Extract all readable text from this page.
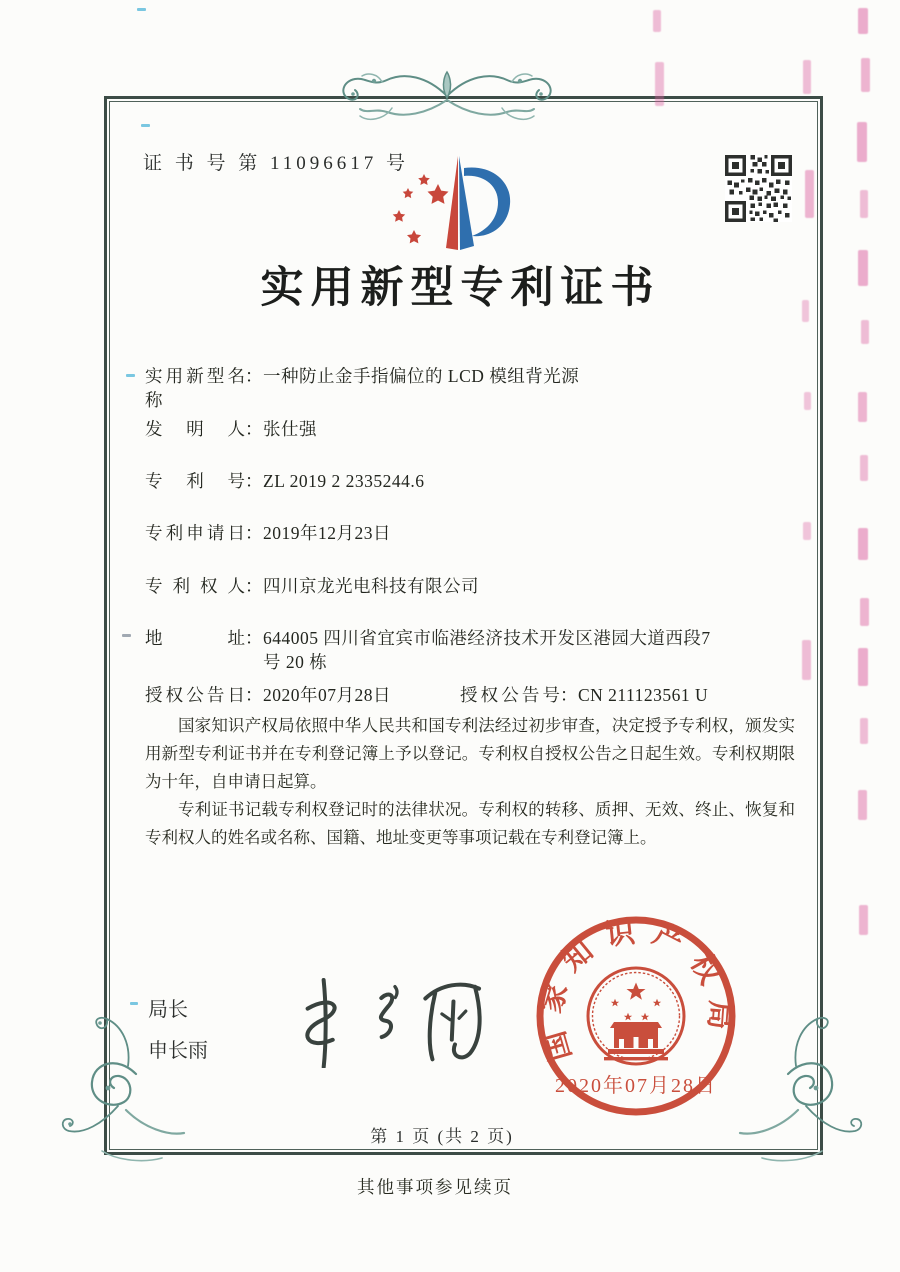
证 书 号 第 11096617 号
实用新型专利证书
实用新型名称：一种防止金手指偏位的 LCD 模组背光源
发明人：张仕强
专利号：ZL 2019 2 2335244.6
专利申请日：2019年12月23日
专利权人：四川京龙光电科技有限公司
地址：644005 四川省宜宾市临港经济技术开发区港园大道西段7
号 20 栋
授权公告日：2020年07月28日	授权公告号：CN 211123561 U

国家知识产权局依照中华人民共和国专利法经过初步审查，决定授予专利权，颁发实用新型专利证书并在专利登记簿上予以登记。专利权自授权公告之日起生效。专利权期限为十年，自申请日起算。

专利证书记载专利权登记时的法律状况。专利权的转移、质押、无效、终止、恢复和专利权人的姓名或名称、国籍、地址变更等事项记载在专利登记簿上。

局长
申长雨	国家知识产权局
2020年07月28日
第 1 页 (共 2 页)
其他事项参见续页
